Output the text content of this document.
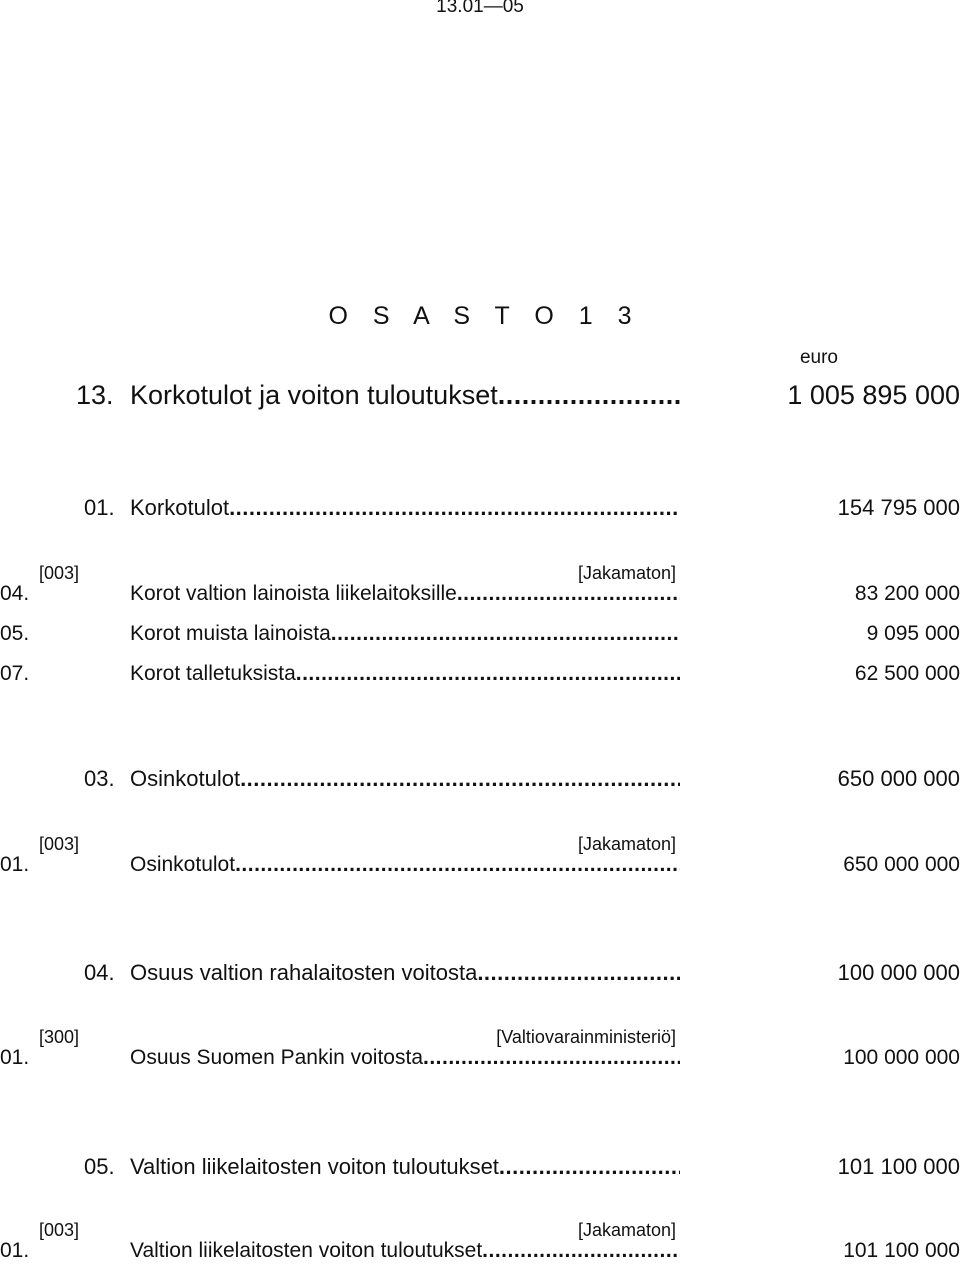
13.01—05
O S A S T O 1 3
euro
13. Korkotulot ja voiton tuloutukset .....	1 005 895 000
01. Korkotulot .....	154 795 000
[003]	[Jakamaton]
04.	Korot valtion lainoista liikelaitoksille .....	83 200 000
05.	Korot muista lainoista .....	9 095 000
07.	Korot talletuksista .....	62 500 000
03. Osinkotulot .....	650 000 000
[003]	[Jakamaton]
01.	Osinkotulot .....	650 000 000
04. Osuus valtion rahalaitosten voitosta .....	100 000 000
[300]	[Valtiovarainministeriö]
01.	Osuus Suomen Pankin voitosta .....	100 000 000
05. Valtion liikelaitosten voiton tuloutukset .....	101 100 000
[003]	[Jakamaton]
01.	Valtion liikelaitosten voiton tuloutukset .....	101 100 000
